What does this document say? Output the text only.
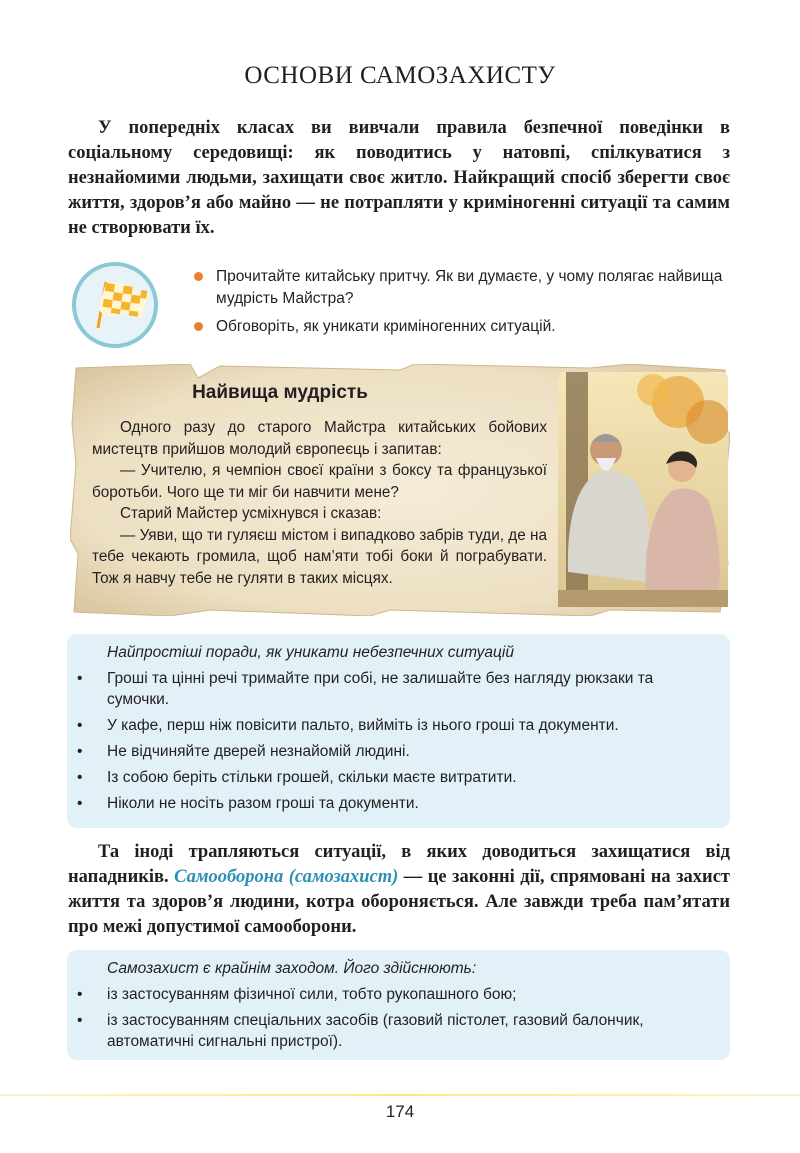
ОСНОВИ САМОЗАХИСТУ

У попередніх класах ви вивчали правила безпечної поведінки в соціальному середовищі: як поводитись у натовпі, спілкуватися з незнайомими людьми, захищати своє житло. Найкращий спосіб зберегти своє життя, здоров’я або майно — не потрапляти у криміногенні ситуації та самим не створювати їх.

Прочитайте китайську притчу. Як ви думаєте, у чому полягає найвища мудрість Майстра?
Обговоріть, як уникати криміногенних ситуацій.
Найвища мудрість

Одного разу до старого Майстра китайських бойових мистецтв прийшов молодий європеєць і запитав:

— Учителю, я чемпіон своєї країни з боксу та французької боротьби. Чого ще ти міг би навчити мене?

Старий Майстер усміхнувся і сказав:

— Уяви, що ти гуляєш містом і випадково забрів туди, де на тебе чекають громила, щоб нам’яти тобі боки й пограбувати. Тож я навчу тебе не гуляти в таких місцях.

Найпростіші поради, як уникати небезпечних ситуацій

• Гроші та цінні речі тримайте при собі, не залишайте без нагляду рюкзаки та сумочки.
• У кафе, перш ніж повісити пальто, вийміть із нього гроші та документи.
• Не відчиняйте дверей незнайомій людині.
• Із собою беріть стільки грошей, скільки маєте витратити.
• Ніколи не носіть разом гроші та документи.

Та іноді трапляються ситуації, в яких доводиться захищатися від нападників. Самооборона (самозахист) — це законні дії, спрямовані на захист життя та здоров’я людини, котра обороняється. Але завжди треба пам’ятати про межі допустимої самооборони.

Самозахист є крайнім заходом. Його здійснюють:

• із застосуванням фізичної сили, тобто рукопашного бою;
• із застосуванням спеціальних засобів (газовий пістолет, газовий балончик, автоматичні сигнальні пристрої).
174
